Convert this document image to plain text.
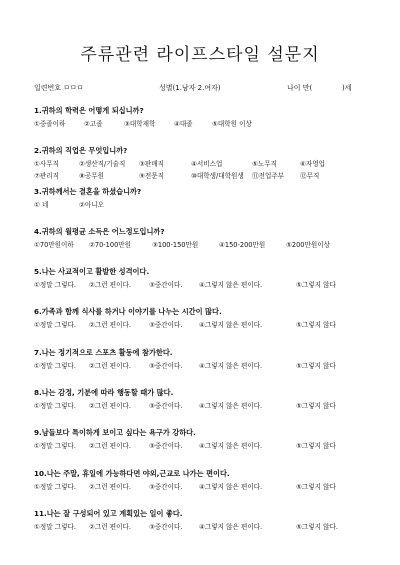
주류관련 라이프스타일 설문지
일련번호 ㅁㅁㅁ	성별(1.남자 2.여자)	나이 만(	)세
1.귀하의 학력은 어떻게 되십니까?
①중졸이하	②고졸	③대학재학	④대졸	⑤대학원 이상
2.귀하의 직업은 무엇입니까?
①사무직	②생산직/기술직 ③판매직	④서비스업	⑤노무직	⑥자영업
⑦관리직	⑧공무원	⑨전문직	⑩대학생/대학원생 ⑪전업주부 ⑫무직
3.귀하께서는 결혼을 하셨습니까?
① 네	②아니오
4.귀하의 월평균 소득은 어느정도입니까?
①70만원이하 ②70-100만원	③100-150만원	④150-200만원	⑤200만원이상
5.나는 사교적이고 활발한 성격이다.
①정말 그렇다. ②그런 편이다.	③중간이다.	④그렇지 않은 편이다.	⑤그렇지 않다
6.가족과 함께 식사를 하거나 이야기를 나누는 시간이 많다.
①정말 그렇다. ②그런 편이다.	③중간이다.	④그렇지 않은 편이다.	⑤그렇지 않다
7.나는 정기적으로 스포츠 활동에 참가한다.
①정말 그렇다. ②그런 편이다.	③중간이다.	④그렇지 않은 편이다.	⑤그렇지 않다
8.나는 감정, 기분에 따라 행동할 때가 많다.
①정말 그렇다. ②그런 편이다.	③중간이다.	④그렇지 않은 편이다.	⑤그렇지 않다
9.남들보다 특이하게 보이고 싶다는 욕구가 강하다.
①정말 그렇다. ②그런 편이다.	③중간이다.	④그렇지 않은 편이다.	⑤그렇지 않다
10.나는 주말, 휴일에 가능하다면 야외,근교로 나가는 편이다.
①정말 그렇다. ②그런 편이다.	③중간이다.	④그렇지 않은 편이다.	⑤그렇지 않다
11.나는 잘 구성되어 있고 계획있는 일이 좋다.
①정말 그렇다. ②그런 편이다.	③중간이다.	④그렇지 않은 편이다.	⑤그렇지 않다.
